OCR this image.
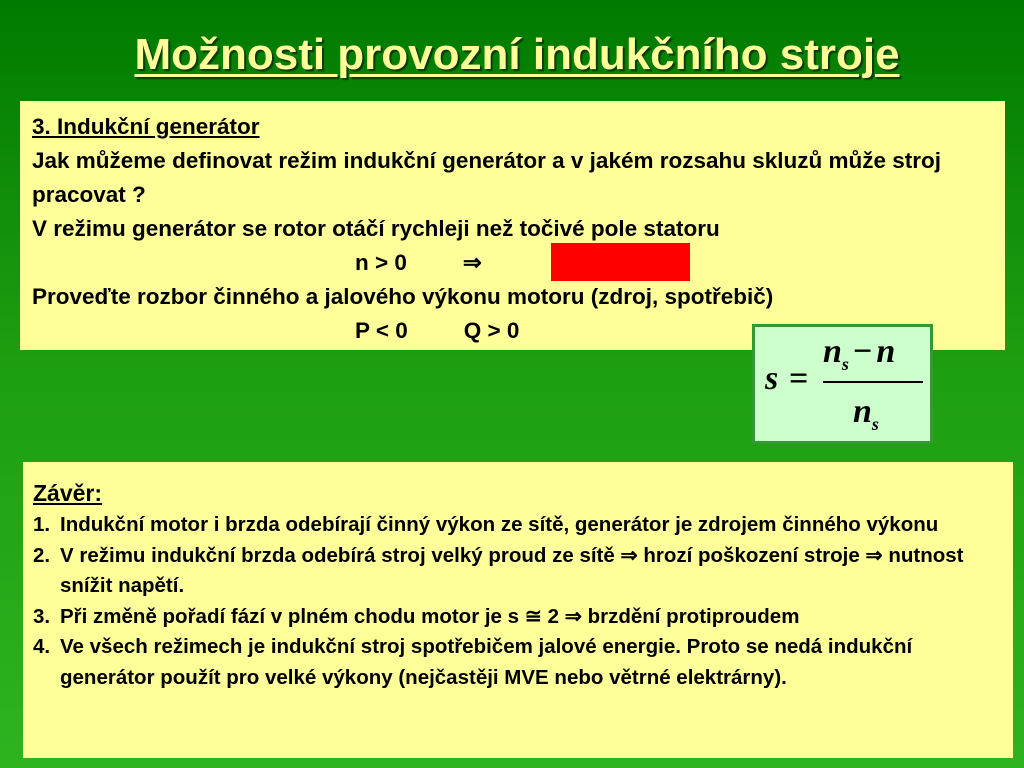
Možnosti provozní indukčního stroje
3. Indukční generátor
Jak můžeme definovat režim indukční generátor a v jakém rozsahu skluzů může stroj pracovat ?
V režimu generátor se rotor otáčí rychleji než točivé pole statoru
n > 0 ⇒
Proveďte rozbor činného a jalového výkonu motoru (zdroj, spotřebič)
P < 0 Q > 0
s =
$n_s - n$
$n_s$
Závěr:
1. Indukční motor i brzda odebírají činný výkon ze sítě, generátor je zdrojem činného výkonu
2. V režimu indukční brzda odebírá stroj velký proud ze sítě ⇒ hrozí poškození stroje ⇒ nutnost snížit napětí.
3. Při změně pořadí fází v plném chodu motor je s ≅ 2 ⇒ brzdění protiproudem
4. Ve všech režimech je indukční stroj spotřebičem jalové energie. Proto se nedá indukční generátor použít pro velké výkony (nejčastěji MVE nebo větrné elektrárny).
